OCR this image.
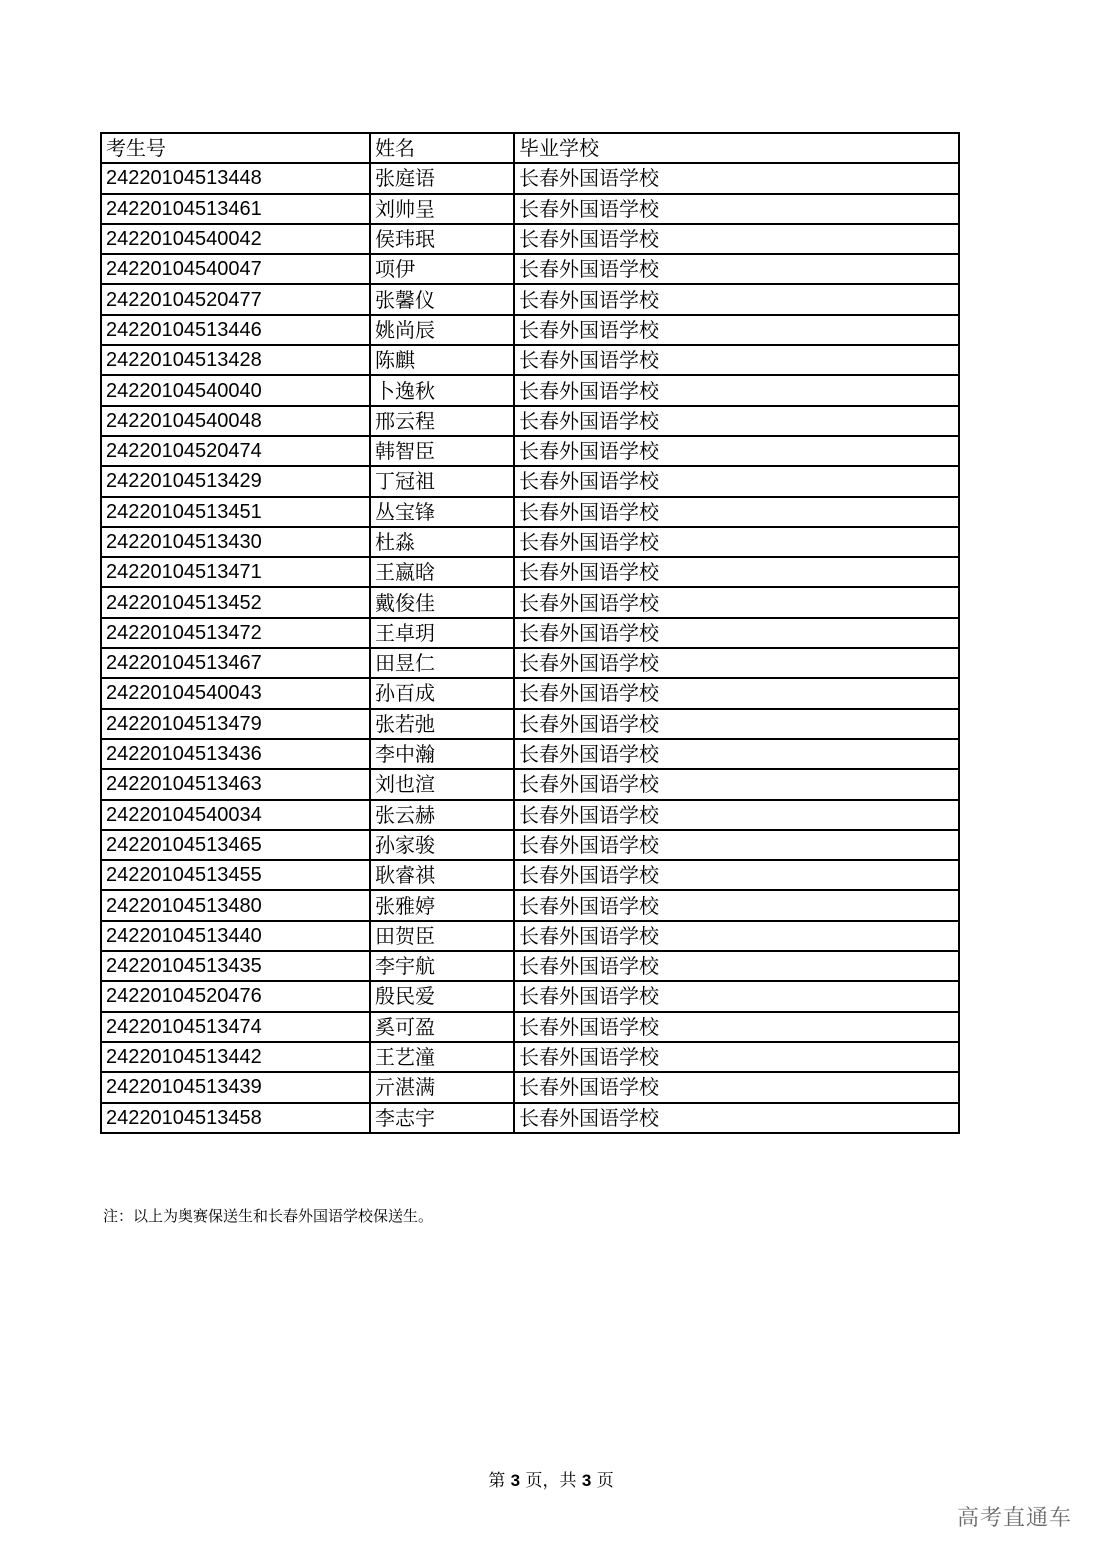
考生号	姓名	毕业学校
24220104513448	张庭语	长春外国语学校
24220104513461	刘帅呈	长春外国语学校
24220104540042	侯玮珉	长春外国语学校
24220104540047	项伊	长春外国语学校
24220104520477	张馨仪	长春外国语学校
24220104513446	姚尚辰	长春外国语学校
24220104513428	陈麒	长春外国语学校
24220104540040	卜逸秋	长春外国语学校
24220104540048	邢云程	长春外国语学校
24220104520474	韩智臣	长春外国语学校
24220104513429	丁冠祖	长春外国语学校
24220104513451	丛宝锋	长春外国语学校
24220104513430	杜淼	长春外国语学校
24220104513471	王嬴晗	长春外国语学校
24220104513452	戴俊佳	长春外国语学校
24220104513472	王卓玥	长春外国语学校
24220104513467	田昱仁	长春外国语学校
24220104540043	孙百成	长春外国语学校
24220104513479	张若弛	长春外国语学校
24220104513436	李中瀚	长春外国语学校
24220104513463	刘也渲	长春外国语学校
24220104540034	张云赫	长春外国语学校
24220104513465	孙家骏	长春外国语学校
24220104513455	耿睿祺	长春外国语学校
24220104513480	张雅婷	长春外国语学校
24220104513440	田贺臣	长春外国语学校
24220104513435	李宇航	长春外国语学校
24220104520476	殷民爱	长春外国语学校
24220104513474	奚可盈	长春外国语学校
24220104513442	王艺潼	长春外国语学校
24220104513439	亓湛满	长春外国语学校
24220104513458	李志宇	长春外国语学校
注：以上为奥赛保送生和长春外国语学校保送生。
第 3 页，共 3 页
高考直通车
